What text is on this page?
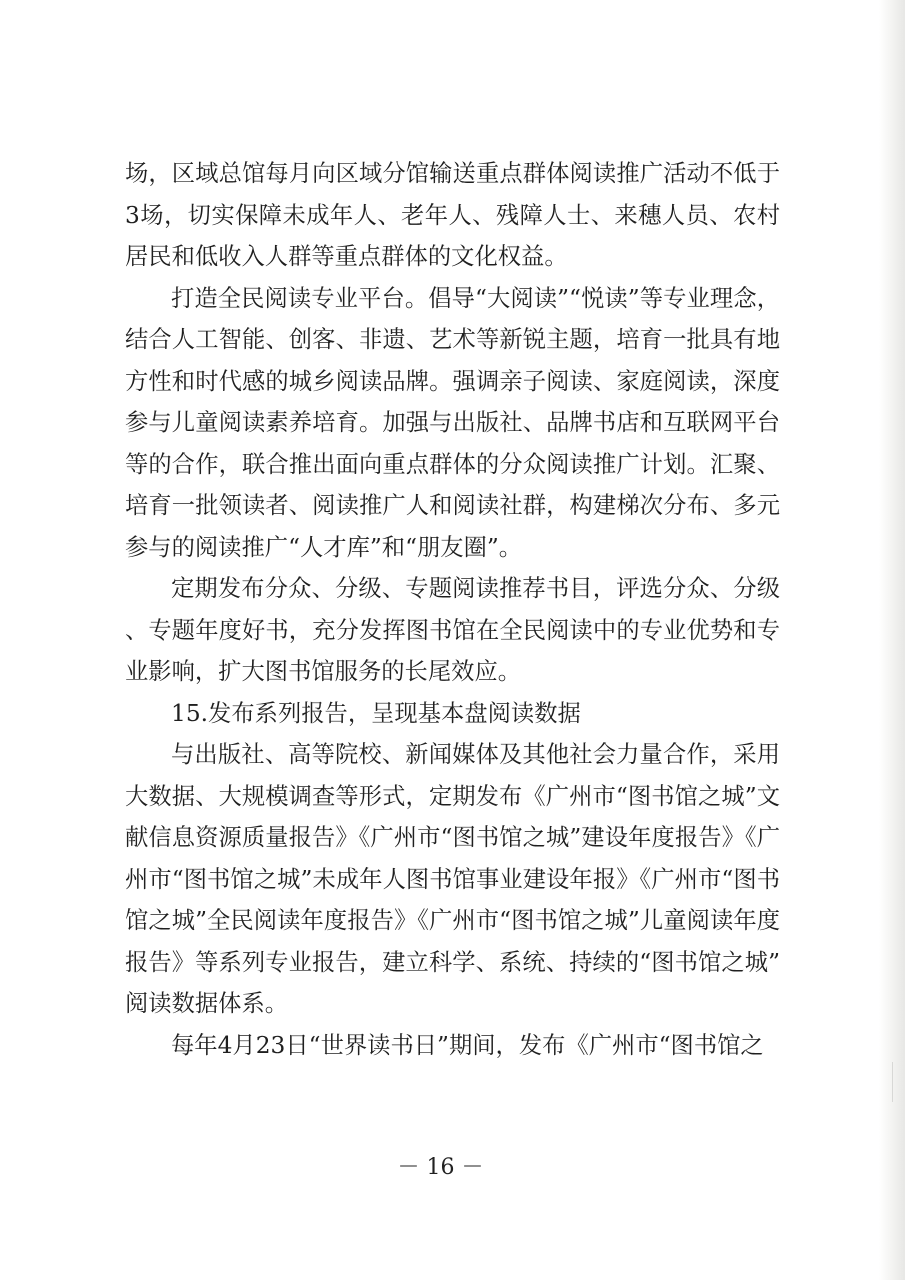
场，区域总馆每月向区域分馆输送重点群体阅读推广活动不低于3场，切实保障未成年人、老年人、残障人士、来穗人员、农村居民和低收入人群等重点群体的文化权益。

打造全民阅读专业平台。倡导“大阅读”“悦读”等专业理念，结合人工智能、创客、非遗、艺术等新锐主题，培育一批具有地方性和时代感的城乡阅读品牌。强调亲子阅读、家庭阅读，深度参与儿童阅读素养培育。加强与出版社、品牌书店和互联网平台等的合作，联合推出面向重点群体的分众阅读推广计划。汇聚、培育一批领读者、阅读推广人和阅读社群，构建梯次分布、多元参与的阅读推广“人才库”和“朋友圈”。

定期发布分众、分级、专题阅读推荐书目，评选分众、分级、专题年度好书，充分发挥图书馆在全民阅读中的专业优势和专业影响，扩大图书馆服务的长尾效应。

15.发布系列报告，呈现基本盘阅读数据

与出版社、高等院校、新闻媒体及其他社会力量合作，采用大数据、大规模调查等形式，定期发布《广州市“图书馆之城”文献信息资源质量报告》《广州市“图书馆之城”建设年度报告》《广州市“图书馆之城”未成年人图书馆事业建设年报》《广州市“图书馆之城”全民阅读年度报告》《广州市“图书馆之城”儿童阅读年度报告》等系列专业报告，建立科学、系统、持续的“图书馆之城”阅读数据体系。

每年4月23日“世界读书日”期间，发布《广州市“图书馆之

－ 16 －
